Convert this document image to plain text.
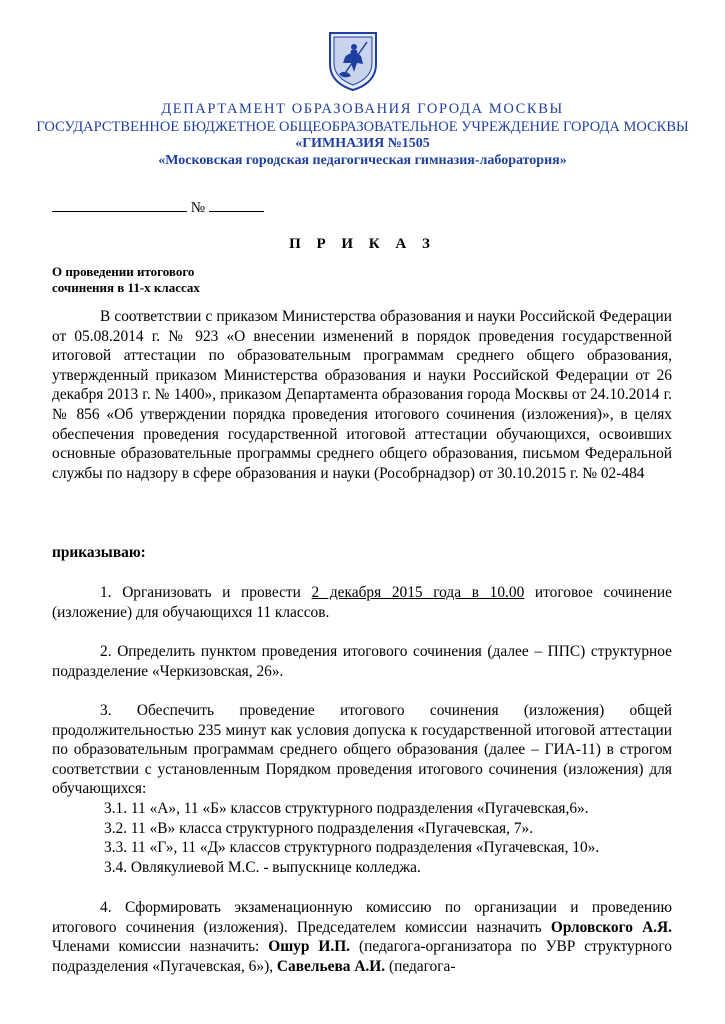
ДЕПАРТАМЕНТ ОБРАЗОВАНИЯ ГОРОДА МОСКВЫ
ГОСУДАРСТВЕННОЕ БЮДЖЕТНОЕ ОБЩЕОБРАЗОВАТЕЛЬНОЕ УЧРЕЖДЕНИЕ ГОРОДА МОСКВЫ
«ГИМНАЗИЯ №1505
«Московская городская педагогическая гимназия-лаборатория»
№
П Р И К А З
О проведении итогового
сочинения в 11-х классах
В соответствии с приказом Министерства образования и науки Российской Федерации от 05.08.2014 г. № 923 «О внесении изменений в порядок проведения государственной итоговой аттестации по образовательным программам среднего общего образования, утвержденный приказом Министерства образования и науки Российской Федерации от 26 декабря 2013 г. № 1400», приказом Департамента образования города Москвы от 24.10.2014 г. № 856 «Об утверждении порядка проведения итогового сочинения (изложения)», в целях обеспечения проведения государственной итоговой аттестации обучающихся, освоивших основные образовательные программы среднего общего образования, письмом Федеральной службы по надзору в сфере образования и науки (Рособрнадзор) от 30.10.2015 г. № 02-484
приказываю:
1. Организовать и провести 2 декабря 2015 года в 10.00 итоговое сочинение (изложение) для обучающихся 11 классов.
2. Определить пунктом проведения итогового сочинения (далее – ППС) структурное подразделение «Черкизовская, 26».
3. Обеспечить проведение итогового сочинения (изложения) общей продолжительностью 235 минут как условия допуска к государственной итоговой аттестации по образовательным программам среднего общего образования (далее – ГИА-11) в строгом соответствии с установленным Порядком проведения итогового сочинения (изложения) для обучающихся:
3.1. 11 «А», 11 «Б» классов структурного подразделения «Пугачевская,6».
3.2. 11 «В» класса структурного подразделения «Пугачевская, 7».
3.3. 11 «Г», 11 «Д» классов структурного подразделения «Пугачевская, 10».
3.4. Овлякулиевой М.С. - выпускнице колледжа.
4. Сформировать экзаменационную комиссию по организации и проведению итогового сочинения (изложения). Председателем комиссии назначить Орловского А.Я. Членами комиссии назначить: Ошур И.П. (педагога-организатора по УВР структурного подразделения «Пугачевская, 6»), Савельева А.И. (педагога-
